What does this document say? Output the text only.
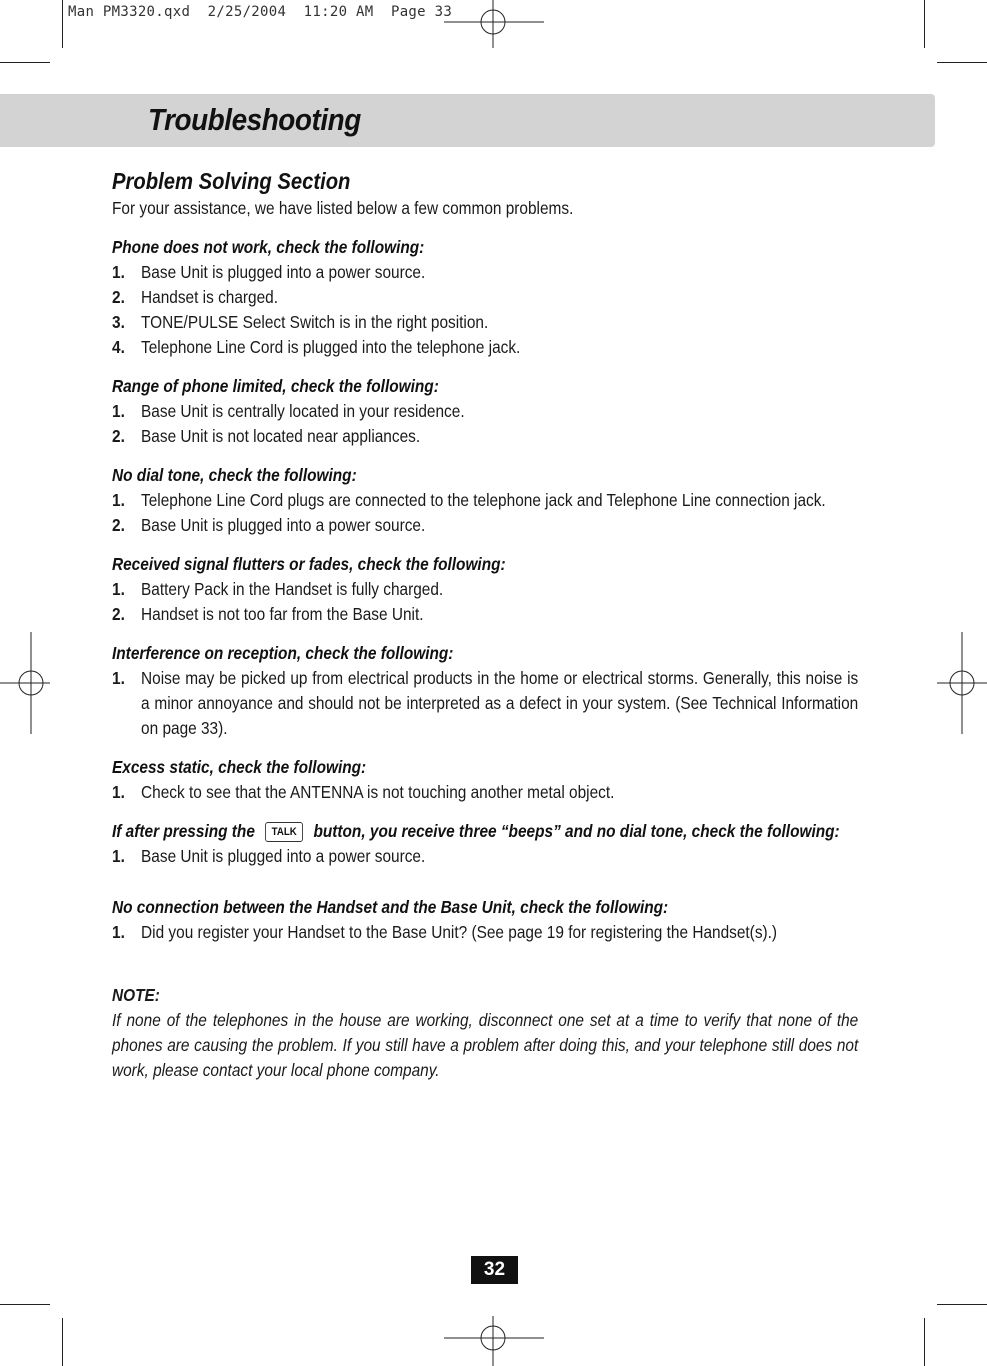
Man PM3320.qxd  2/25/2004  11:20 AM  Page 33
Troubleshooting
Problem Solving Section
For your assistance, we have listed below a few common problems.
Phone does not work, check the following:
1. Base Unit is plugged into a power source.
2. Handset is charged.
3. TONE/PULSE Select Switch is in the right position.
4. Telephone Line Cord is plugged into the telephone jack.
Range of phone limited, check the following:
1. Base Unit is centrally located in your residence.
2. Base Unit is not located near appliances.
No dial tone, check the following:
1. Telephone Line Cord plugs are connected to the telephone jack and Telephone Line connection jack.
2. Base Unit is plugged into a power source.
Received signal flutters or fades, check the following:
1. Battery Pack in the Handset is fully charged.
2. Handset is not too far from the Base Unit.
Interference on reception, check the following:
1. Noise may be picked up from electrical products in the home or electrical storms. Generally, this noise is a minor annoyance and should not be interpreted as a defect in your system. (See Technical Information on page 33).
Excess static, check the following:
1. Check to see that the ANTENNA is not touching another metal object.
If after pressing the TALK button, you receive three “beeps” and no dial tone, check the following:
1. Base Unit is plugged into a power source.
No connection between the Handset and the Base Unit, check the following:
1. Did you register your Handset to the Base Unit? (See page 19 for registering the Handset(s).)
NOTE:
If none of the telephones in the house are working, disconnect one set at a time to verify that none of the phones are causing the problem. If you still have a problem after doing this, and your telephone still does not work, please contact your local phone company.
32
